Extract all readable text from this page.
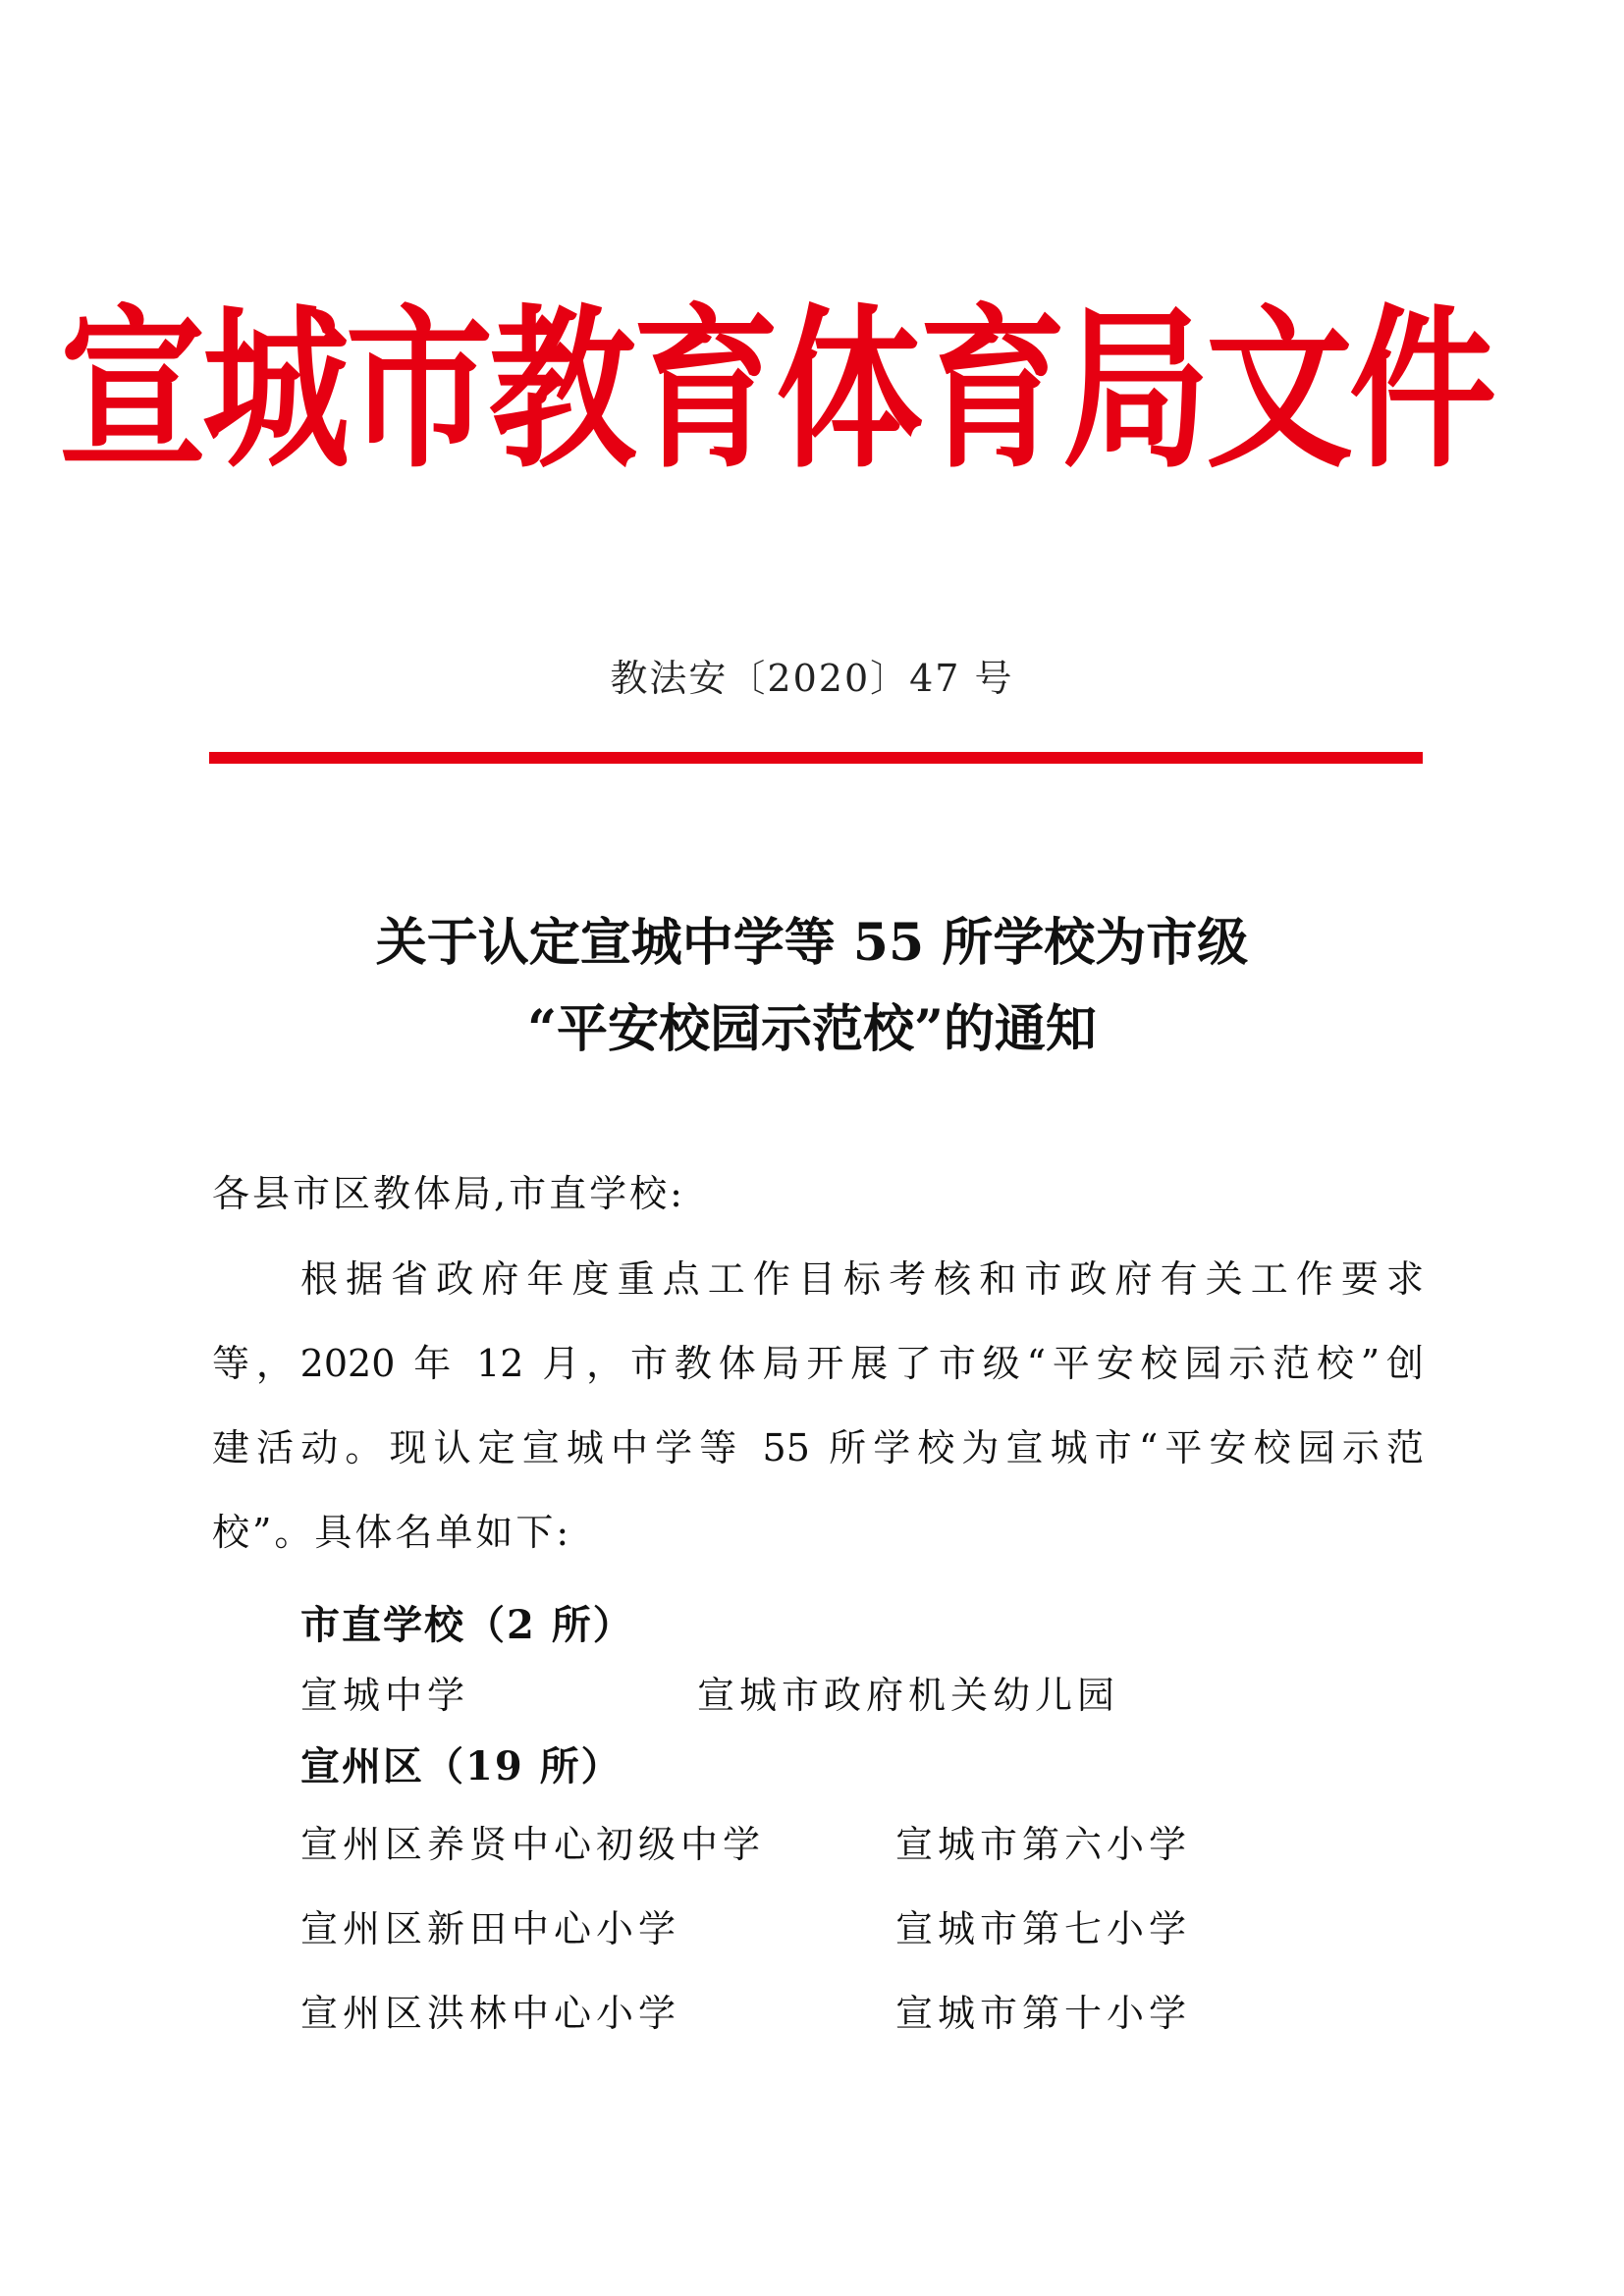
宣城市教育体育局文件
教法安〔2020〕47 号
关于认定宣城中学等 55 所学校为市级
“平安校园示范校”的通知
各县市区教体局,市直学校:
根据省政府年度重点工作目标考核和市政府有关工作要求
等，2020 年 12 月，市教体局开展了市级“平安校园示范校”创
建活动。现认定宣城中学等 55 所学校为宣城市“平安校园示范
校”。具体名单如下:
市直学校（2 所）
宣城中学	宣城市政府机关幼儿园
宣州区（19 所）
宣州区养贤中心初级中学	宣城市第六小学
宣州区新田中心小学	宣城市第七小学
宣州区洪林中心小学	宣城市第十小学
